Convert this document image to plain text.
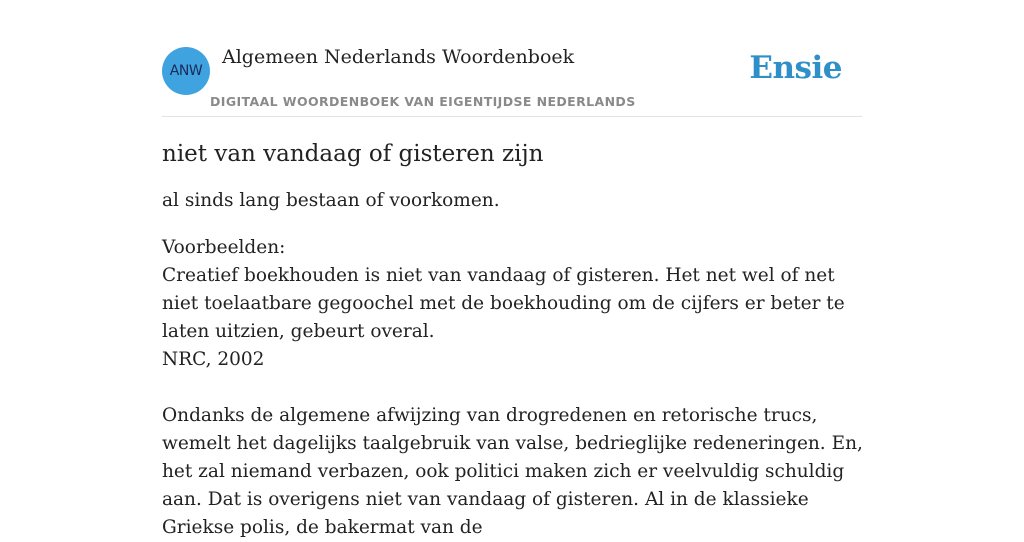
ANW
Algemeen Nederlands Woordenboek
DIGITAAL WOORDENBOEK VAN EIGENTIJDSE NEDERLANDS
Ensie
niet van vandaag of gisteren zijn

al sinds lang bestaan of voorkomen.

Voorbeelden:
Creatief boekhouden is niet van vandaag of gisteren. Het net wel of net niet toelaatbare gegoochel met de boekhouding om de cijfers er beter te laten uitzien, gebeurt overal.
NRC, 2002
Ondanks de algemene afwijzing van drogredenen en retorische trucs, wemelt het dagelijks taalgebruik van valse, bedrieglijke redeneringen. En, het zal niemand verbazen, ook politici maken zich er veelvuldig schuldig aan. Dat is overigens niet van vandaag of gisteren. Al in de klassieke Griekse polis, de bakermat van de
